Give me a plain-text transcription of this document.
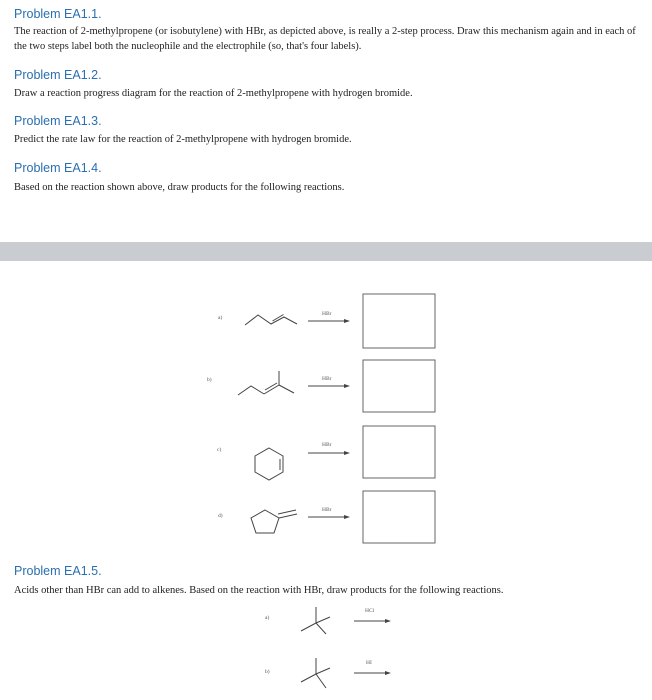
Problem EA1.1.

The reaction of 2-methylpropene (or isobutylene) with HBr, as depicted above, is really a 2-step process. Draw this mechanism again and in each of the two steps label both the nucleophile and the electrophile (so, that's four labels).

Problem EA1.2.

Draw a reaction progress diagram for the reaction of 2-methylpropene with hydrogen bromide.

Problem EA1.3.

Predict the rate law for the reaction of 2-methylpropene with hydrogen bromide.

Problem EA1.4.

Based on the reaction shown above, draw products for the following reactions.

a)
b)
c)
d)
HBr
HBr
HBr
HBr
Problem EA1.5.

Acids other than HBr can add to alkenes. Based on the reaction with HBr, draw products for the following reactions.

a)
b)
HCl
HI
